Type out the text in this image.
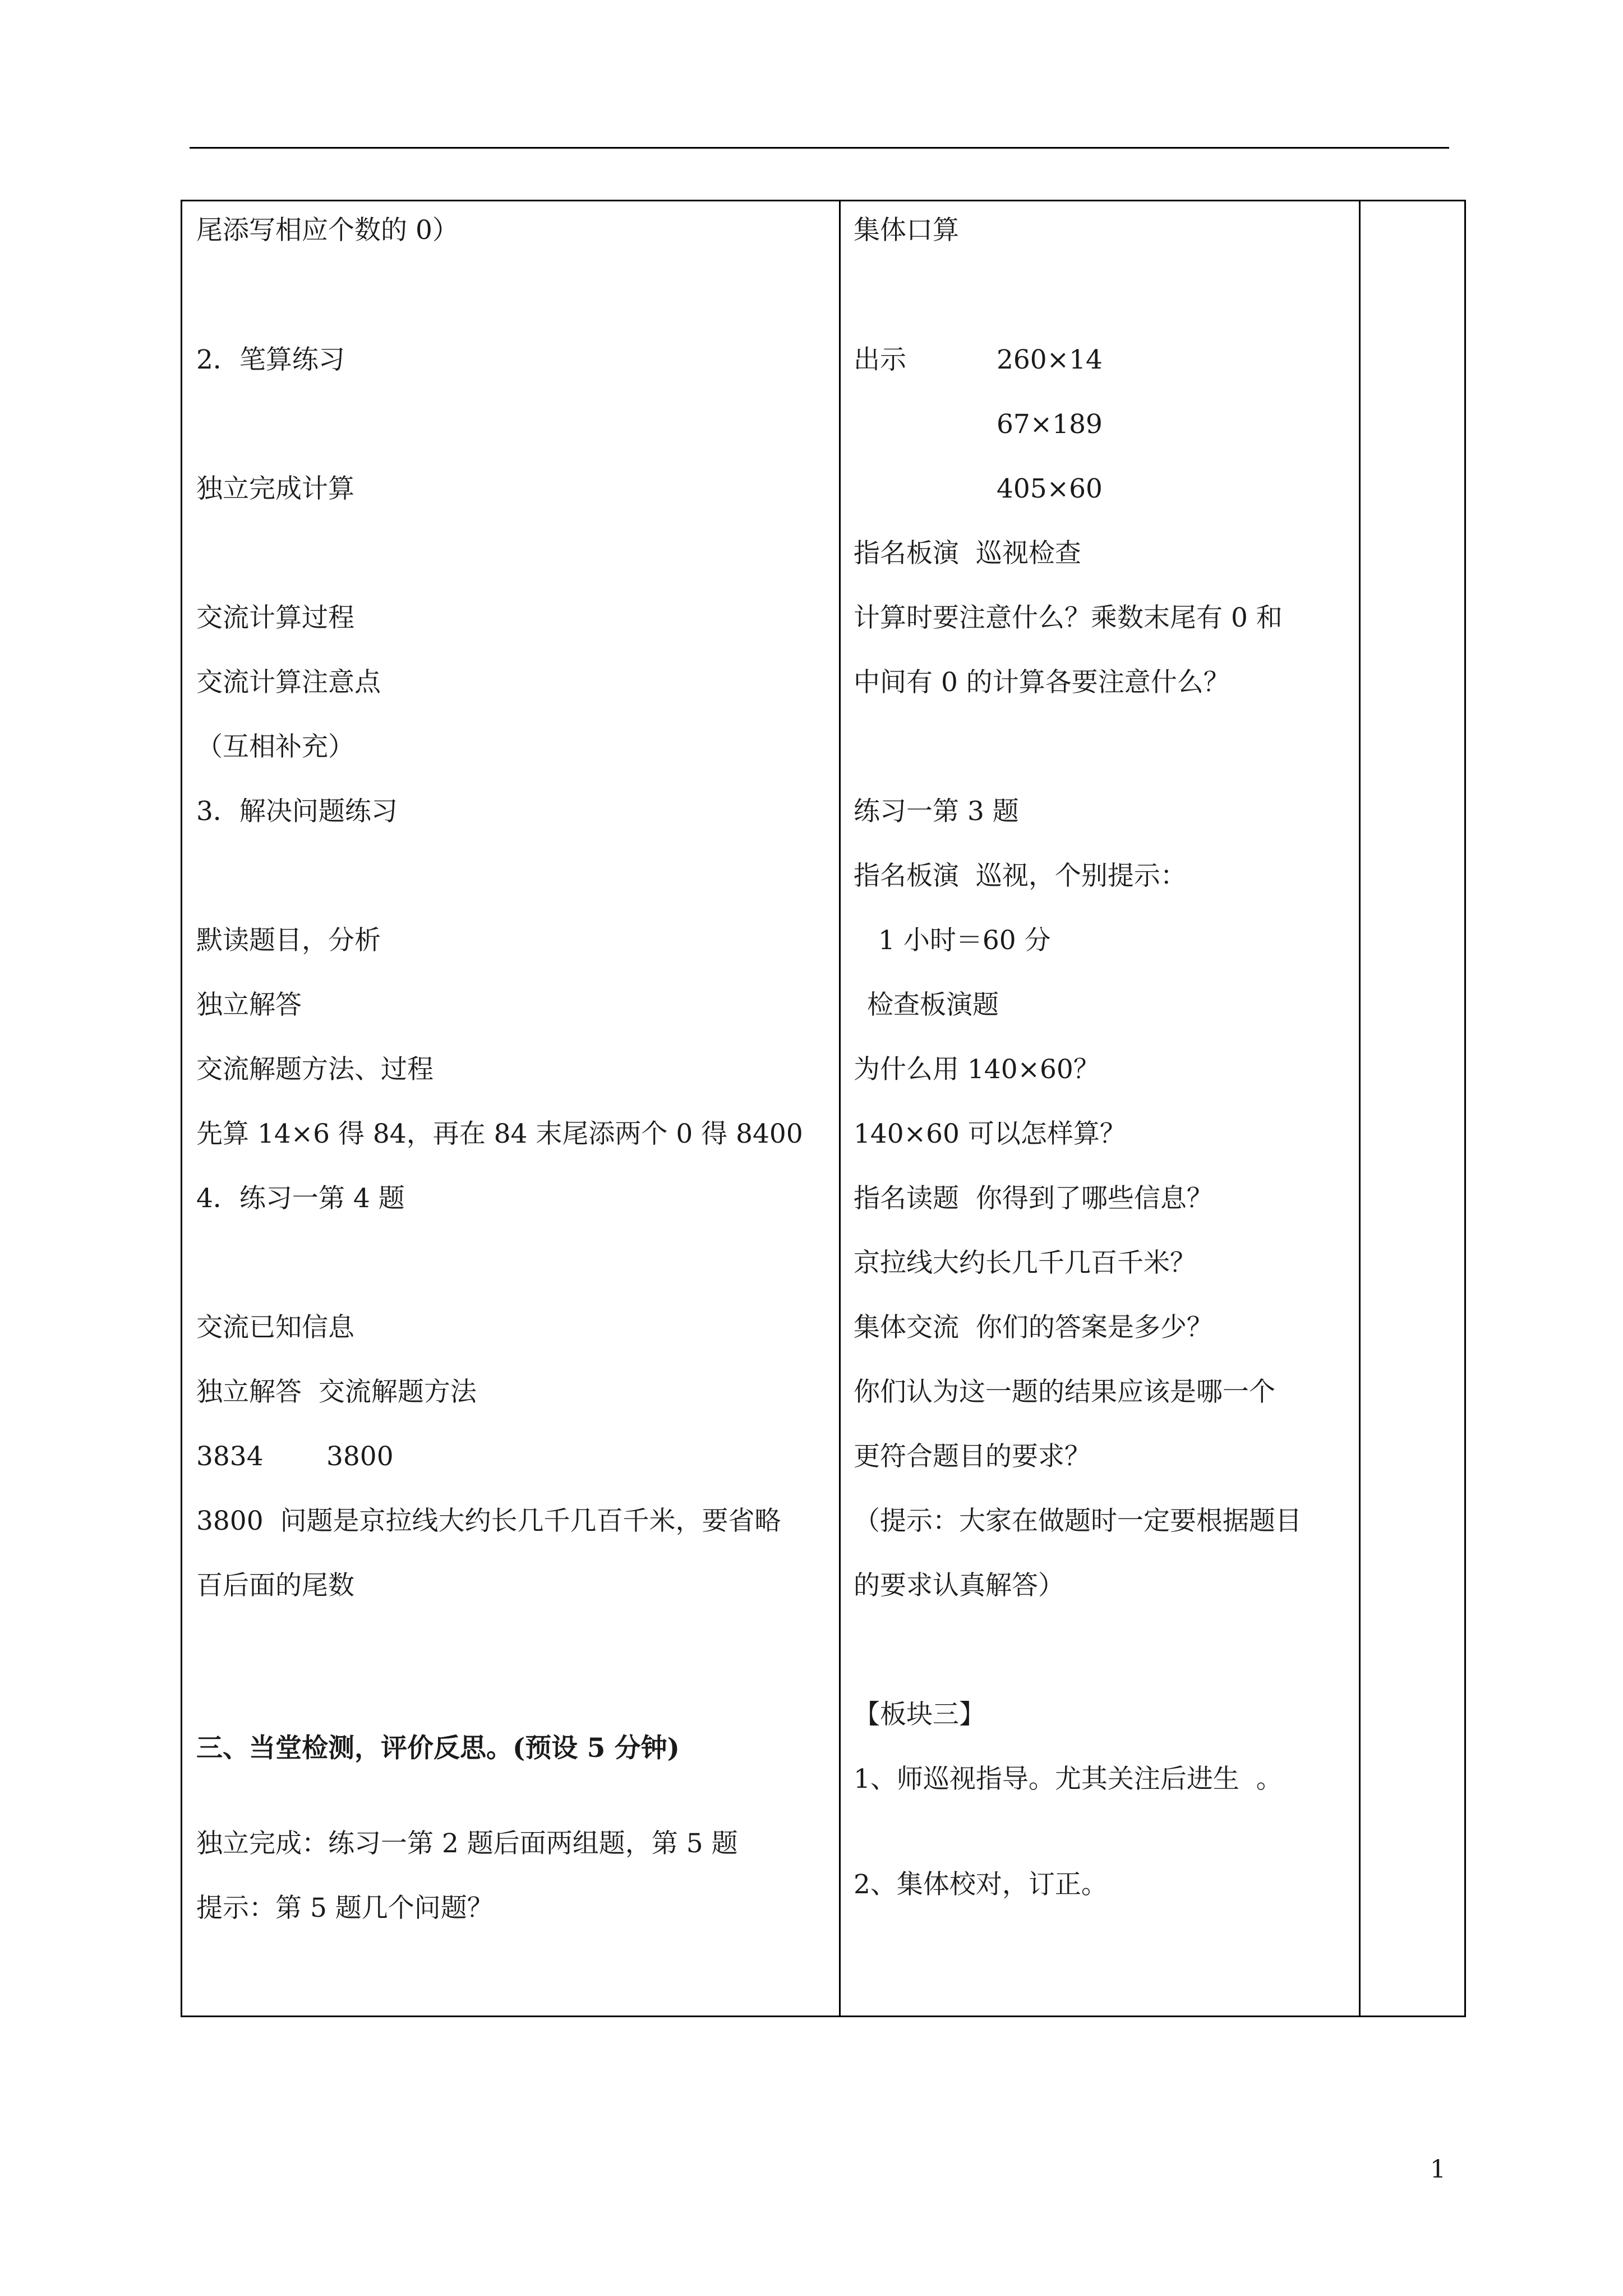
尾添写相应个数的 0）
2．笔算练习
独立完成计算
交流计算过程
交流计算注意点
（互相补充）
3．解决问题练习
默读题目，分析
独立解答
交流解题方法、过程
先算 14×6 得 84，再在 84 末尾添两个 0 得 8400
4．练习一第 4 题
交流已知信息
独立解答  交流解题方法
3834 3800
3800  问题是京拉线大约长几千几百千米，要省略
百后面的尾数
三、当堂检测，评价反思。(预设 5 分钟)
独立完成：练习一第 2 题后面两组题，第 5 题
提示：第 5 题几个问题？
集体口算
出示	260×14
67×189
405×60
指名板演  巡视检查
计算时要注意什么？乘数末尾有 0 和
中间有 0 的计算各要注意什么？
练习一第 3 题
指名板演  巡视，个别提示：
1 小时＝60 分
检查板演题
为什么用 140×60？
140×60 可以怎样算？
指名读题  你得到了哪些信息？
京拉线大约长几千几百千米？
集体交流  你们的答案是多少？
你们认为这一题的结果应该是哪一个
更符合题目的要求？
（提示：大家在做题时一定要根据题目
的要求认真解答）
【板块三】
1、师巡视指导。尤其关注后进生  。
2、集体校对，订正。
1
